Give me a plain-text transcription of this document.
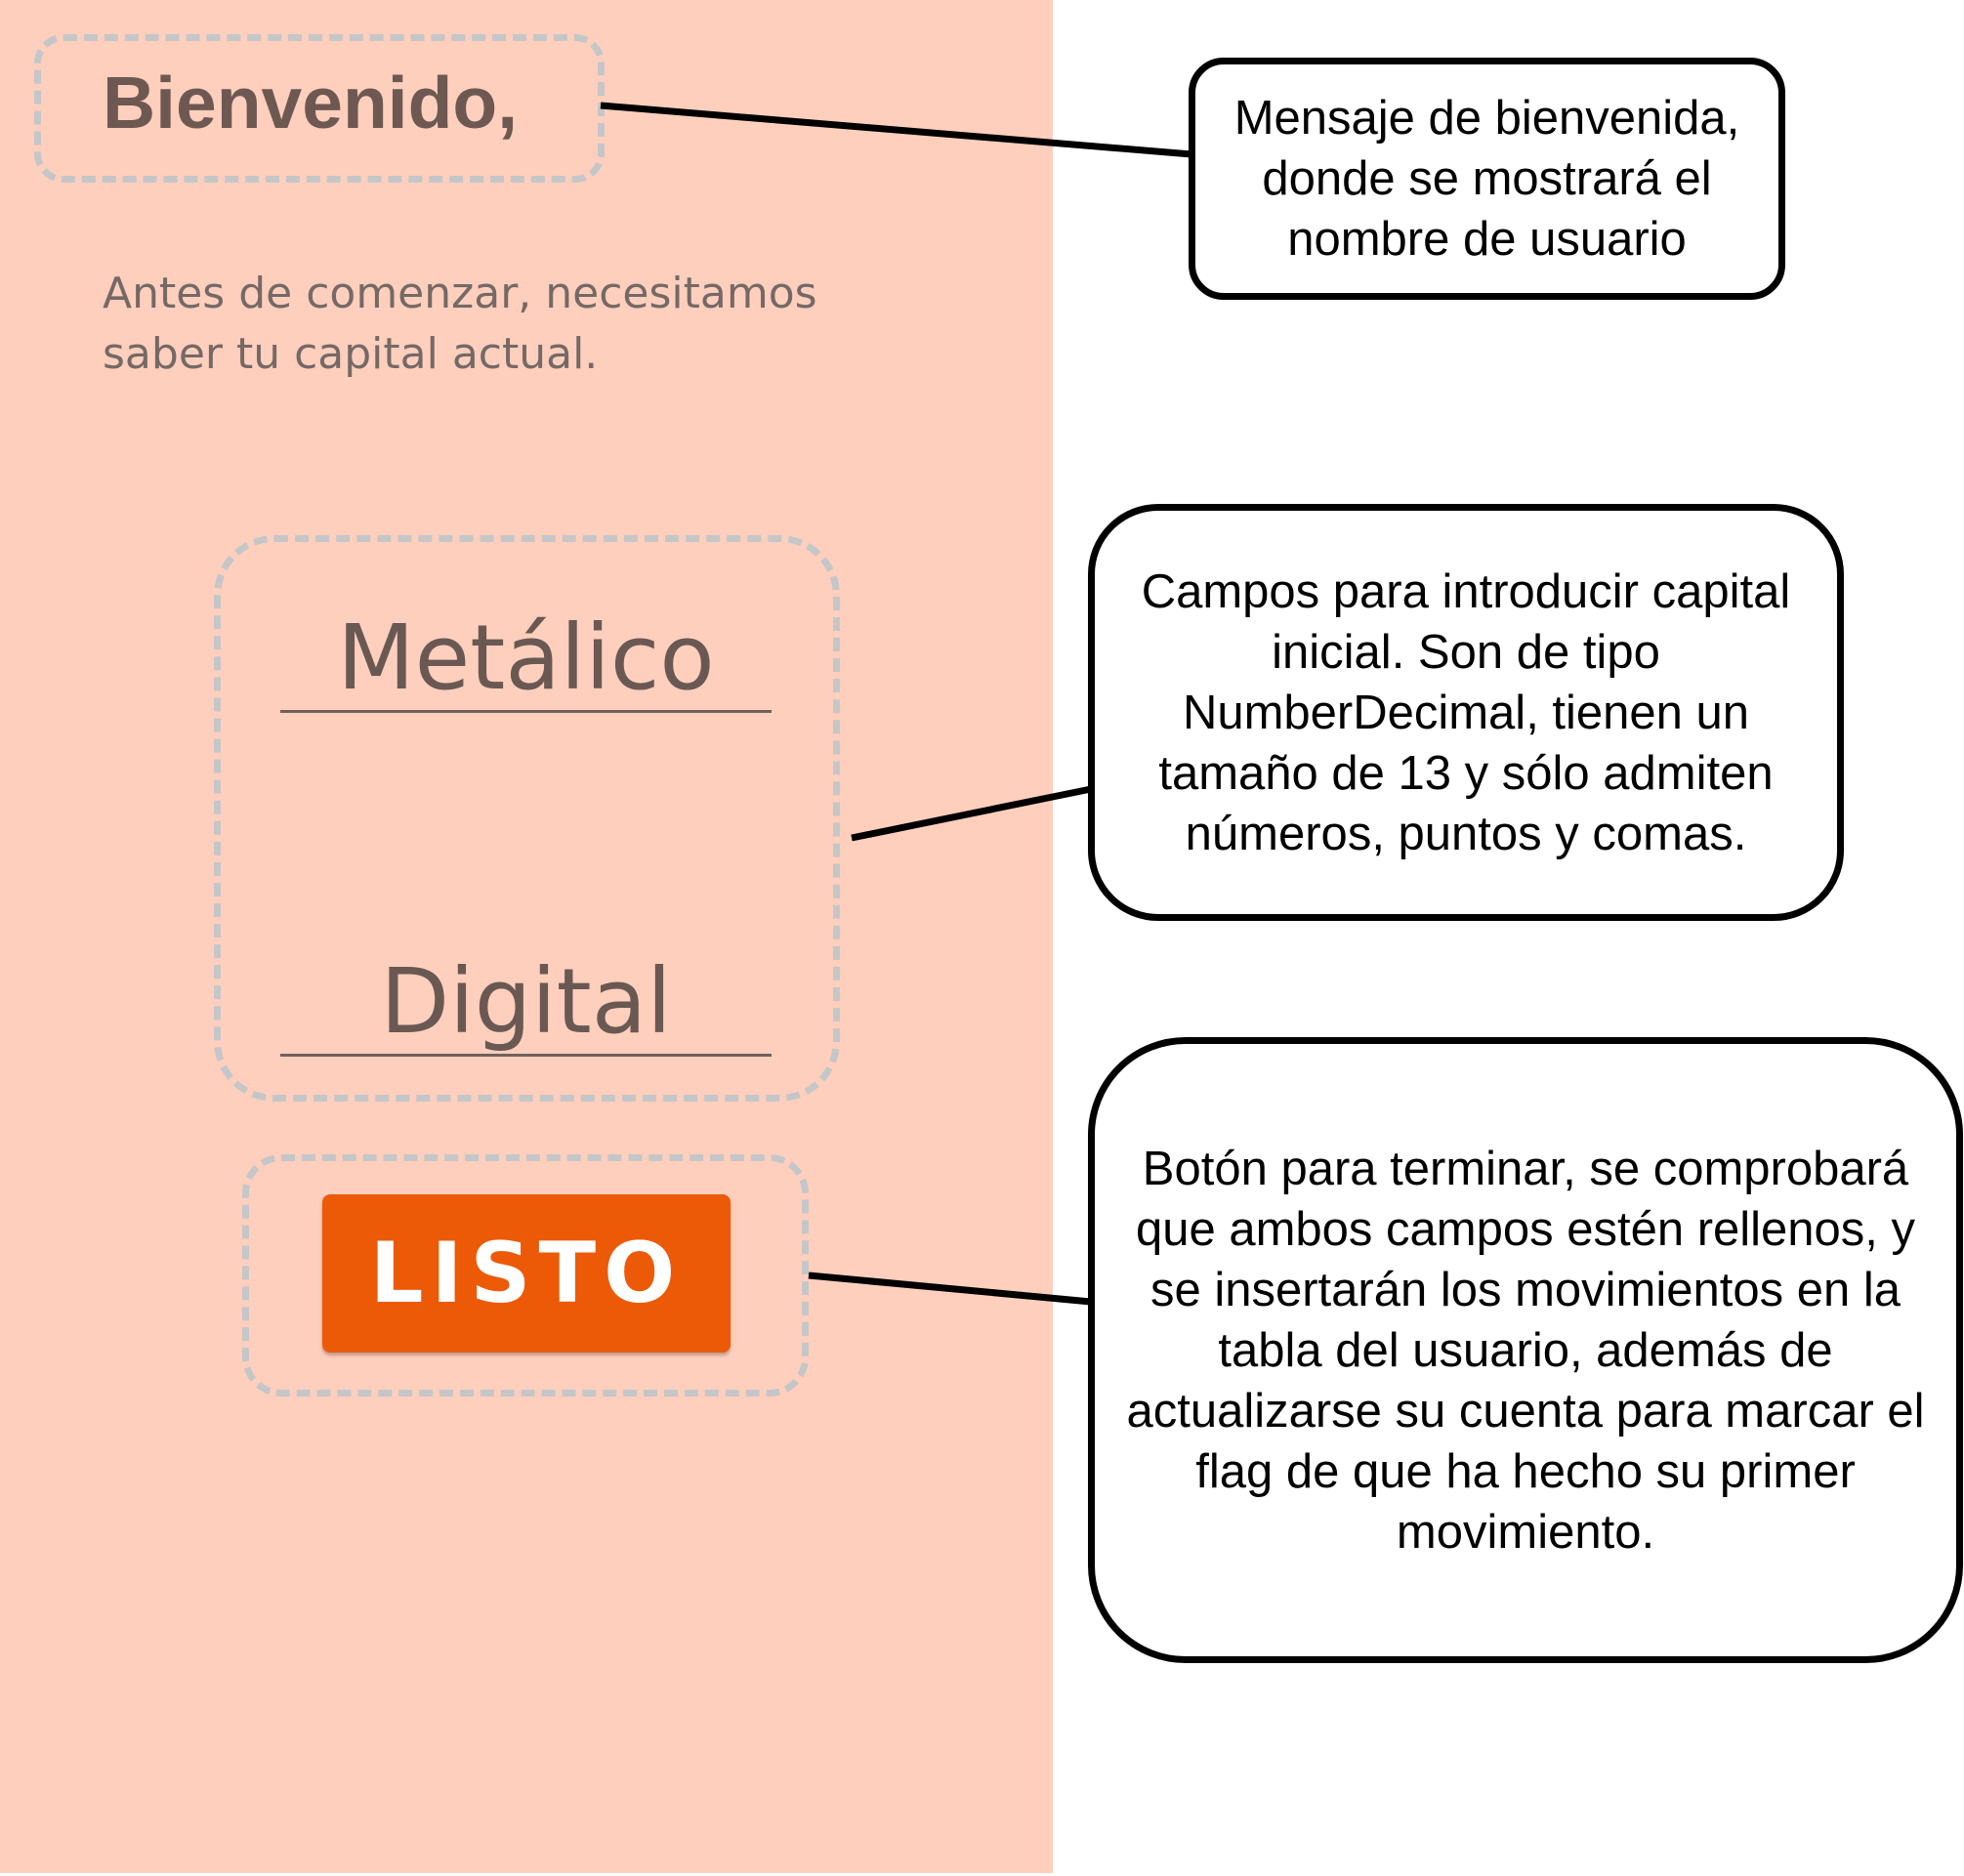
Bienvenido,

Antes de comenzar, necesitamos saber tu capital actual.

Metálico
Digital
LISTO
Mensaje de bienvenida, donde se mostrará el nombre de usuario
Campos para introducir capital inicial. Son de tipo NumberDecimal, tienen un tamaño de 13 y sólo admiten números, puntos y comas.
Botón para terminar, se comprobará que ambos campos estén rellenos, y se insertarán los movimientos en la tabla del usuario, además de actualizarse su cuenta para marcar el flag de que ha hecho su primer movimiento.
